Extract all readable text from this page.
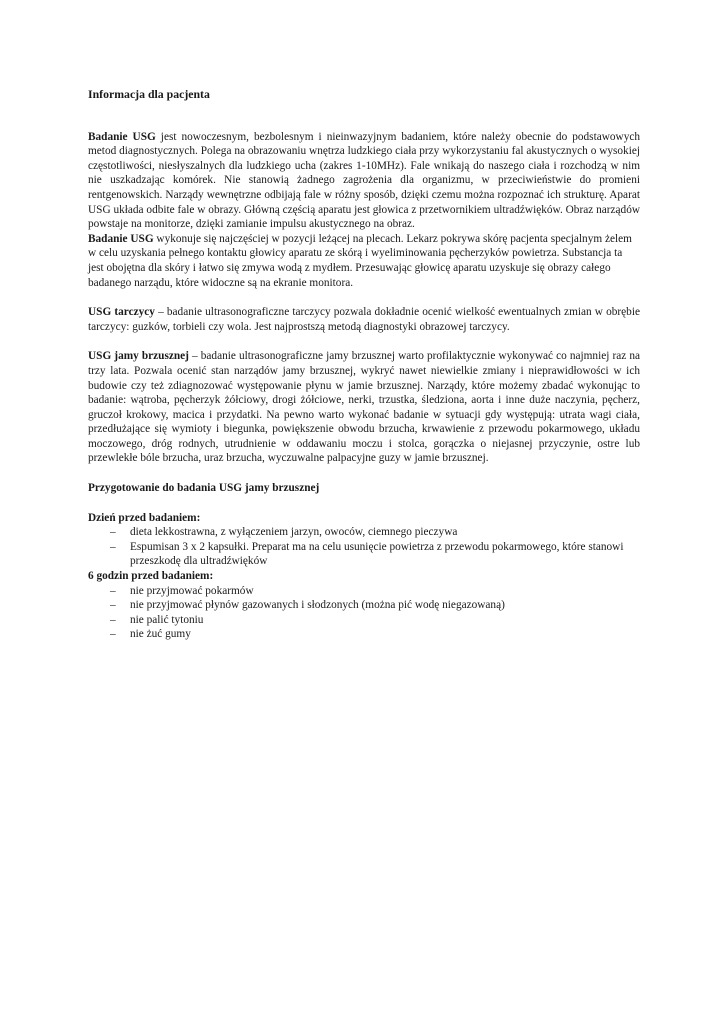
Informacja dla pacjenta

Badanie USG jest nowoczesnym, bezbolesnym i nieinwazyjnym badaniem, które należy obecnie do podstawowych metod diagnostycznych. Polega na obrazowaniu wnętrza ludzkiego ciała przy wykorzystaniu fal akustycznych o wysokiej częstotliwości, niesłyszalnych dla ludzkiego ucha (zakres 1-10MHz). Fale wnikają do naszego ciała i rozchodzą w nim nie uszkadzając komórek. Nie stanowią żadnego zagrożenia dla organizmu, w przeciwieństwie do promieni rentgenowskich. Narządy wewnętrzne odbijają fale w różny sposób, dzięki czemu można rozpoznać ich strukturę. Aparat USG układa odbite fale w obrazy. Główną częścią aparatu jest głowica z przetwornikiem ultradźwięków. Obraz narządów powstaje na monitorze, dzięki zamianie impulsu akustycznego na obraz.

Badanie USG wykonuje się najczęściej w pozycji leżącej na plecach. Lekarz pokrywa skórę pacjenta specjalnym żelem w celu uzyskania pełnego kontaktu głowicy aparatu ze skórą i wyeliminowania pęcherzyków powietrza. Substancja ta jest obojętna dla skóry i łatwo się zmywa wodą z mydłem. Przesuwając głowicę aparatu uzyskuje się obrazy całego badanego narządu, które widoczne są na ekranie monitora.

USG tarczycy – badanie ultrasonograficzne tarczycy pozwala dokładnie ocenić wielkość ewentualnych zmian w obrębie tarczycy: guzków, torbieli czy wola. Jest najprostszą metodą diagnostyki obrazowej tarczycy.

USG jamy brzusznej – badanie ultrasonograficzne jamy brzusznej warto profilaktycznie wykonywać co najmniej raz na trzy lata. Pozwala ocenić stan narządów jamy brzusznej, wykryć nawet niewielkie zmiany i nieprawidłowości w ich budowie czy też zdiagnozować występowanie płynu w jamie brzusznej. Narządy, które możemy zbadać wykonując to badanie: wątroba, pęcherzyk żółciowy, drogi żółciowe, nerki, trzustka, śledziona, aorta i inne duże naczynia, pęcherz, gruczoł krokowy, macica i przydatki. Na pewno warto wykonać badanie w sytuacji gdy występują: utrata wagi ciała, przedłużające się wymioty i biegunka, powiększenie obwodu brzucha, krwawienie z przewodu pokarmowego, układu moczowego, dróg rodnych, utrudnienie w oddawaniu moczu i stolca, gorączka o niejasnej przyczynie, ostre lub przewlekłe bóle brzucha, uraz brzucha, wyczuwalne palpacyjne guzy w jamie brzusznej.

Przygotowanie do badania USG jamy brzusznej

Dzień przed badaniem:

– dieta lekkostrawna, z wyłączeniem jarzyn, owoców, ciemnego pieczywa
– Espumisan 3 x 2 kapsułki. Preparat ma na celu usunięcie powietrza z przewodu pokarmowego, które stanowi przeszkodę dla ultradźwięków

6 godzin przed badaniem:

– nie przyjmować pokarmów
– nie przyjmować płynów gazowanych i słodzonych (można pić wodę niegazowaną)
– nie palić tytoniu
– nie żuć gumy
